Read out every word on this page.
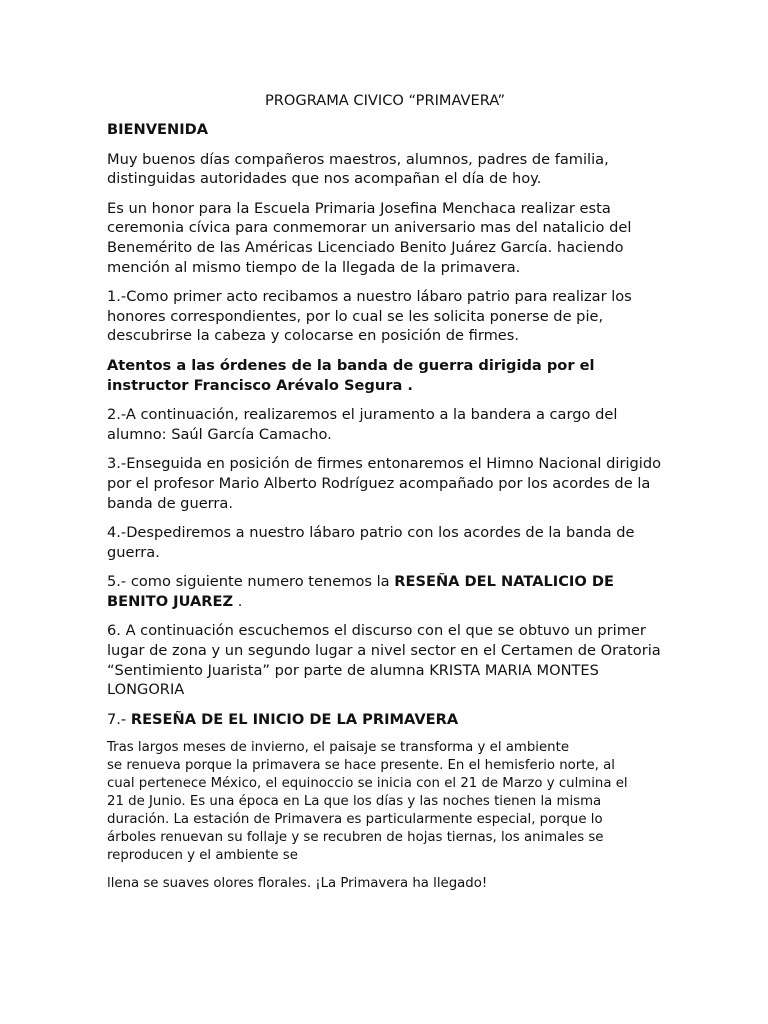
PROGRAMA CIVICO “PRIMAVERA”
BIENVENIDA
Muy buenos días compañeros maestros, alumnos, padres de familia, distinguidas autoridades que nos acompañan el día de hoy.
Es un honor para la Escuela Primaria Josefina Menchaca realizar esta ceremonia cívica para conmemorar un aniversario mas del natalicio del Benemérito de las Américas Licenciado Benito Juárez García. haciendo mención al mismo tiempo de la llegada de la primavera.
1.-Como primer acto recibamos a nuestro lábaro patrio para realizar los honores correspondientes, por lo cual se les solicita ponerse de pie, descubrirse la cabeza y colocarse en posición de firmes.
Atentos a las órdenes de la banda de guerra dirigida por el instructor Francisco Arévalo Segura .
2.-A continuación, realizaremos el juramento a la bandera a cargo del alumno: Saúl García Camacho.
3.-Enseguida en posición de firmes entonaremos el Himno Nacional dirigido por el profesor Mario Alberto Rodríguez acompañado por los acordes de la banda de guerra.
4.-Despediremos a nuestro lábaro patrio con los acordes de la banda de guerra.
5.- como siguiente numero tenemos la RESEÑA DEL NATALICIO DE BENITO JUAREZ .
6. A continuación escuchemos el discurso con el que se obtuvo un primer lugar de zona y un segundo lugar a nivel sector en el Certamen de Oratoria “Sentimiento Juarista” por parte de alumna KRISTA MARIA MONTES LONGORIA
7.- RESEÑA DE EL INICIO DE LA PRIMAVERA
Tras largos meses de invierno, el paisaje se transforma y el ambiente
se renueva porque la primavera se hace presente. En el hemisferio norte, al
cual pertenece México, el equinoccio se inicia con el 21 de Marzo y culmina el
21 de Junio. Es una época en La que los días y las noches tienen la misma
duración. La estación de Primavera es particularmente especial, porque lo
árboles renuevan su follaje y se recubren de hojas tiernas, los animales se
reproducen y el ambiente se
llena se suaves olores florales. ¡La Primavera ha llegado!
